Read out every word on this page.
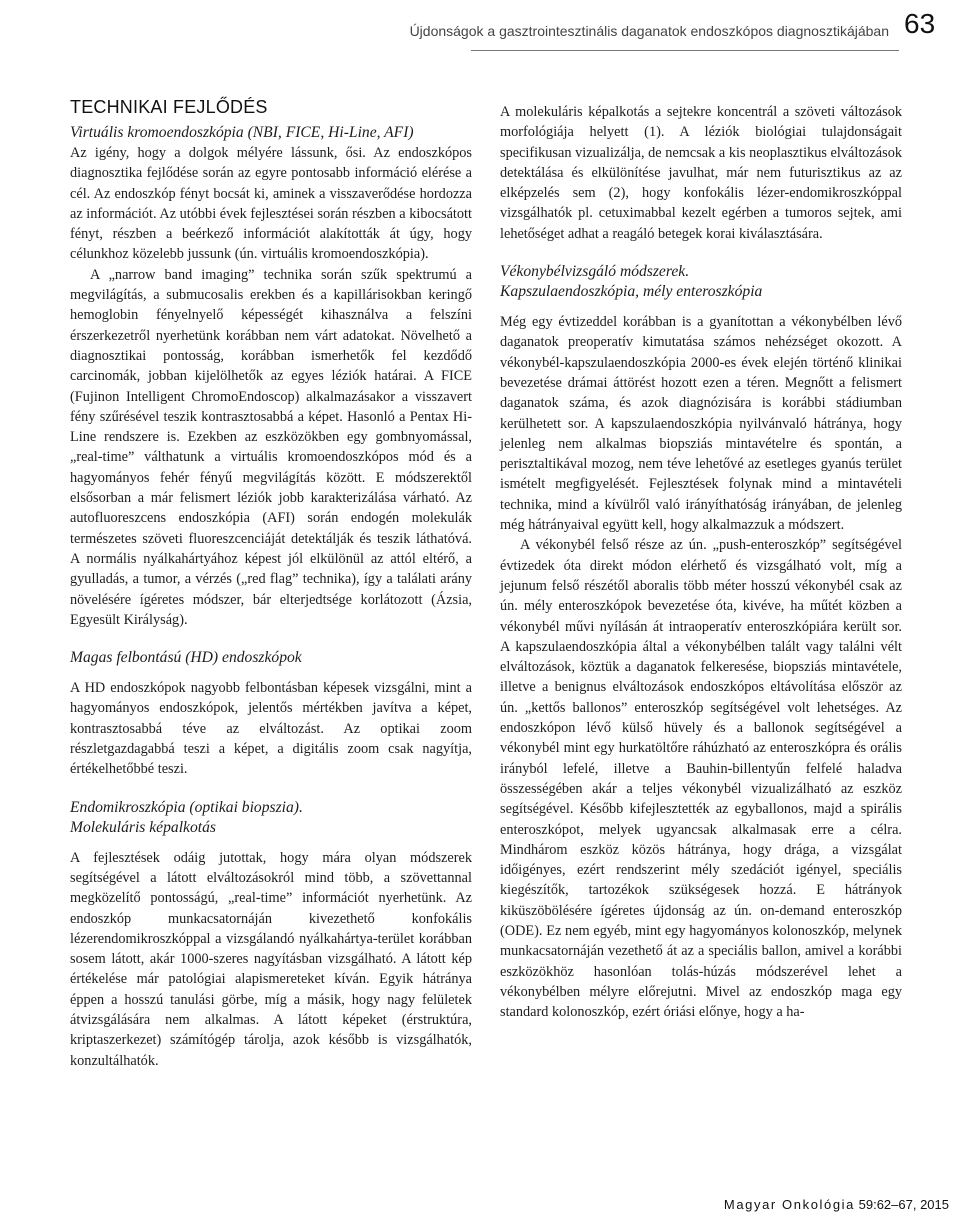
Újdonságok a gasztrointesztinális daganatok endoszkópos diagnosztikájában 63
TECHNIKAI FEJLŐDÉS
Virtuális kromoendoszkópia (NBI, FICE, Hi-Line, AFI)

Az igény, hogy a dolgok mélyére lássunk, ősi. Az endoszkópos diagnosztika fejlődése során az egyre pontosabb információ elérése a cél. Az endoszkóp fényt bocsát ki, aminek a visszaverődése hordozza az információt. Az utóbbi évek fejlesztései során részben a kibocsátott fényt, részben a beérkező információt alakították át úgy, hogy célunkhoz közelebb jussunk (ún. virtuális kromoendoszkópia).

A „narrow band imaging” technika során szűk spektrumú a megvilágítás, a submucosalis erekben és a kapillárisokban keringő hemoglobin fényelnyelő képességét kihasználva a felszíni érszerkezetről nyerhetünk korábban nem várt adatokat. Növelhető a diagnosztikai pontosság, korábban ismerhetők fel kezdődő carcinomák, jobban kijelölhetők az egyes léziók határai. A FICE (Fujinon Intelligent ChromoEndoscop) alkalmazásakor a visszavert fény szűrésével teszik kontrasztosabbá a képet. Hasonló a Pentax Hi-Line rendszere is. Ezekben az eszközökben egy gombnyomással, „real-time” válthatunk a virtuális kromoendoszkópos mód és a hagyományos fehér fényű megvilágítás között. E módszerektől elsősorban a már felismert léziók jobb karakterizálása várható. Az autofluoreszcens endoszkópia (AFI) során endogén molekulák természetes szöveti fluoreszcenciáját detektálják és teszik láthatóvá. A normális nyálkahártyához képest jól elkülönül az attól eltérő, a gyulladás, a tumor, a vérzés („red flag” technika), így a találati arány növelésére ígéretes módszer, bár elterjedtsége korlátozott (Ázsia, Egyesült Királyság).

Magas felbontású (HD) endoszkópok

A HD endoszkópok nagyobb felbontásban képesek vizsgálni, mint a hagyományos endoszkópok, jelentős mértékben javítva a képet, kontrasztosabbá téve az elváltozást. Az optikai zoom részletgazdagabbá teszi a képet, a digitális zoom csak nagyítja, értékelhetőbbé teszi.

Endomikroszkópia (optikai biopszia).
Molekuláris képalkotás

A fejlesztések odáig jutottak, hogy mára olyan módszerek segítségével a látott elváltozásokról mind több, a szövettannal megközelítő pontosságú, „real-time” információt nyerhetünk. Az endoszkóp munkacsatornáján kivezethető konfokális lézerendomikroszkóppal a vizsgálandó nyálkahártya-terület korábban sosem látott, akár 1000-szeres nagyításban vizsgálható. A látott kép értékelése már patológiai alapismereteket kíván. Egyik hátránya éppen a hosszú tanulási görbe, míg a másik, hogy nagy felületek átvizsgálására nem alkalmas. A látott képeket (érstruktúra, kriptaszerkezet) számítógép tárolja, azok később is vizsgálhatók, konzultálhatók.

A molekuláris képalkotás a sejtekre koncentrál a szöveti változások morfológiája helyett (1). A léziók biológiai tulajdonságait specifikusan vizualizálja, de nemcsak a kis neoplasztikus elváltozások detektálása és elkülönítése javulhat, már nem futurisztikus az az elképzelés sem (2), hogy konfokális lézer-endomikroszkóppal vizsgálhatók pl. cetuximabbal kezelt egérben a tumoros sejtek, ami lehetőséget adhat a reagáló betegek korai kiválasztására.

Vékonybélvizsgáló módszerek.
Kapszulaendoszkópia, mély enteroszkópia

Még egy évtizeddel korábban is a gyanítottan a vékonybélben lévő daganatok preoperatív kimutatása számos nehézséget okozott. A vékonybél-kapszulaendoszkópia 2000-es évek elején történő klinikai bevezetése drámai áttörést hozott ezen a téren. Megnőtt a felismert daganatok száma, és azok diagnózisára is korábbi stádiumban kerülhetett sor. A kapszulaendoszkópia nyilvánvaló hátránya, hogy jelenleg nem alkalmas biopsziás mintavételre és spontán, a perisztaltikával mozog, nem téve lehetővé az esetleges gyanús terület ismételt megfigyelését. Fejlesztések folynak mind a mintavételi technika, mind a kívülről való irányíthatóság irányában, de jelenleg még hátrányaival együtt kell, hogy alkalmazzuk a módszert.

A vékonybél felső része az ún. „push-enteroszkóp” segítségével évtizedek óta direkt módon elérhető és vizsgálható volt, míg a jejunum felső részétől aboralis több méter hosszú vékonybél csak az ún. mély enteroszkópok bevezetése óta, kivéve, ha műtét közben a vékonybél művi nyílásán át intraoperatív enteroszkópiára került sor. A kapszulaendoszkópia által a vékonybélben talált vagy találni vélt elváltozások, köztük a daganatok felkeresése, biopsziás mintavétele, illetve a benignus elváltozások endoszkópos eltávolítása először az ún. „kettős ballonos” enteroszkóp segítségével volt lehetséges. Az endoszkópon lévő külső hüvely és a ballonok segítségével a vékonybél mint egy hurkatöltőre ráhúzható az enteroszkópra és orális irányból lefelé, illetve a Bauhin-billentyűn felfelé haladva összességében akár a teljes vékonybél vizualizálható az eszköz segítségével. Később kifejlesztették az egyballonos, majd a spirális enteroszkópot, melyek ugyancsak alkalmasak erre a célra. Mindhárom eszköz közös hátránya, hogy drága, a vizsgálat időigényes, ezért rendszerint mély szedációt igényel, speciális kiegészítők, tartozékok szükségesek hozzá. E hátrányok kiküszöbölésére ígéretes újdonság az ún. on-demand enteroszkóp (ODE). Ez nem egyéb, mint egy hagyományos kolonoszkóp, melynek munkacsatornáján vezethető át az a speciális ballon, amivel a korábbi eszközökhöz hasonlóan tolás-húzás módszerével lehet a vékonybélben mélyre előrejutni. Mivel az endoszkóp maga egy standard kolonoszkóp, ezért óriási előnye, hogy a ha-

Magyar Onkológia 59:62–67, 2015
